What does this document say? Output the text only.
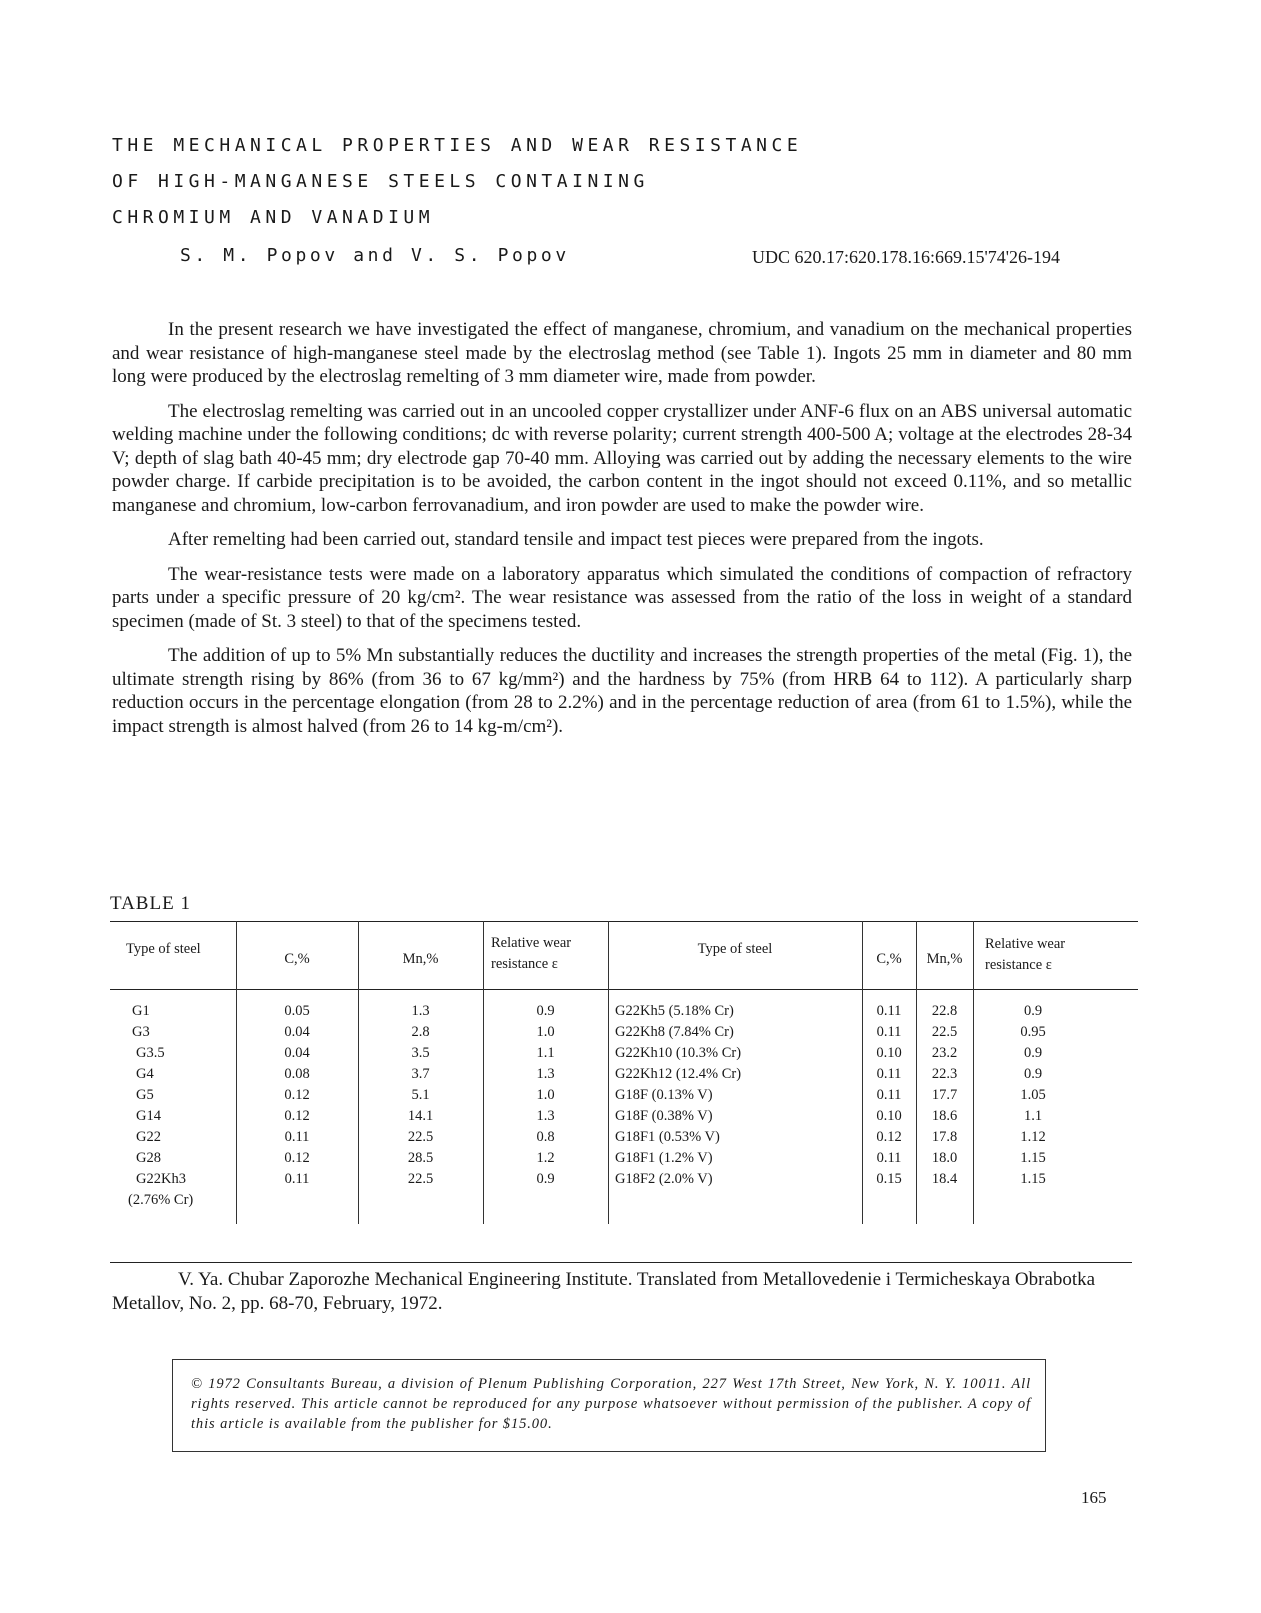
THE MECHANICAL PROPERTIES AND WEAR RESISTANCE

OF HIGH-MANGANESE STEELS CONTAINING

CHROMIUM AND VANADIUM

S. M. Popov and V. S. Popov	UDC 620.17:620.178.16:669.15'74'26-194

In the present research we have investigated the effect of manganese, chromium, and vanadium on the mechanical properties and wear resistance of high-manganese steel made by the electroslag method (see Table 1). Ingots 25 mm in diameter and 80 mm long were produced by the electroslag remelting of 3 mm diameter wire, made from powder.

The electroslag remelting was carried out in an uncooled copper crystallizer under ANF-6 flux on an ABS universal automatic welding machine under the following conditions; dc with reverse polarity; current strength 400-500 A; voltage at the electrodes 28-34 V; depth of slag bath 40-45 mm; dry electrode gap 70-40 mm. Alloying was carried out by adding the necessary elements to the wire powder charge. If carbide precipitation is to be avoided, the carbon content in the ingot should not exceed 0.11%, and so metallic manganese and chromium, low-carbon ferrovanadium, and iron powder are used to make the powder wire.

After remelting had been carried out, standard tensile and impact test pieces were prepared from the ingots.

The wear-resistance tests were made on a laboratory apparatus which simulated the conditions of compaction of refractory parts under a specific pressure of 20 kg/cm². The wear resistance was assessed from the ratio of the loss in weight of a standard specimen (made of St. 3 steel) to that of the specimens tested.

The addition of up to 5% Mn substantially reduces the ductility and increases the strength properties of the metal (Fig. 1), the ultimate strength rising by 86% (from 36 to 67 kg/mm²) and the hardness by 75% (from HRB 64 to 112). A particularly sharp reduction occurs in the percentage elongation (from 28 to 2.2%) and in the percentage reduction of area (from 61 to 1.5%), while the impact strength is almost halved (from 26 to 14 kg-m/cm²).

TABLE 1
Type of steel
C,%	Mn,%
Relative wear
resistance ε
Type of steel
C,%	Mn,%
Relative wear
resistance ε
G1	0.05	1.3	0.9
G3	0.04	2.8	1.0
G3.5	0.04	3.5	1.1
G4	0.08	3.7	1.3
G5	0.12	5.1	1.0
G14	0.12	14.1	1.3
G22	0.11	22.5	0.8
G28	0.12	28.5	1.2
G22Kh3	0.11	22.5	0.9
(2.76% Cr)
G22Kh5 (5.18% Cr)	0.11	22.8	0.9
G22Kh8 (7.84% Cr)	0.11	22.5	0.95
G22Kh10 (10.3% Cr)	0.10	23.2	0.9
G22Kh12 (12.4% Cr)	0.11	22.3	0.9
G18F (0.13% V)	0.11	17.7	1.05
G18F (0.38% V)	0.10	18.6	1.1
G18F1 (0.53% V)	0.12	17.8	1.12
G18F1 (1.2% V)	0.11	18.0	1.15
G18F2 (2.0% V)	0.15	18.4	1.15

V. Ya. Chubar Zaporozhe Mechanical Engineering Institute. Translated from Metallovedenie i Termicheskaya Obrabotka Metallov, No. 2, pp. 68-70, February, 1972.

© 1972 Consultants Bureau, a division of Plenum Publishing Corporation, 227 West 17th Street, New York, N. Y. 10011. All rights reserved. This article cannot be reproduced for any purpose whatsoever without permission of the publisher. A copy of this article is available from the publisher for $15.00.

165
